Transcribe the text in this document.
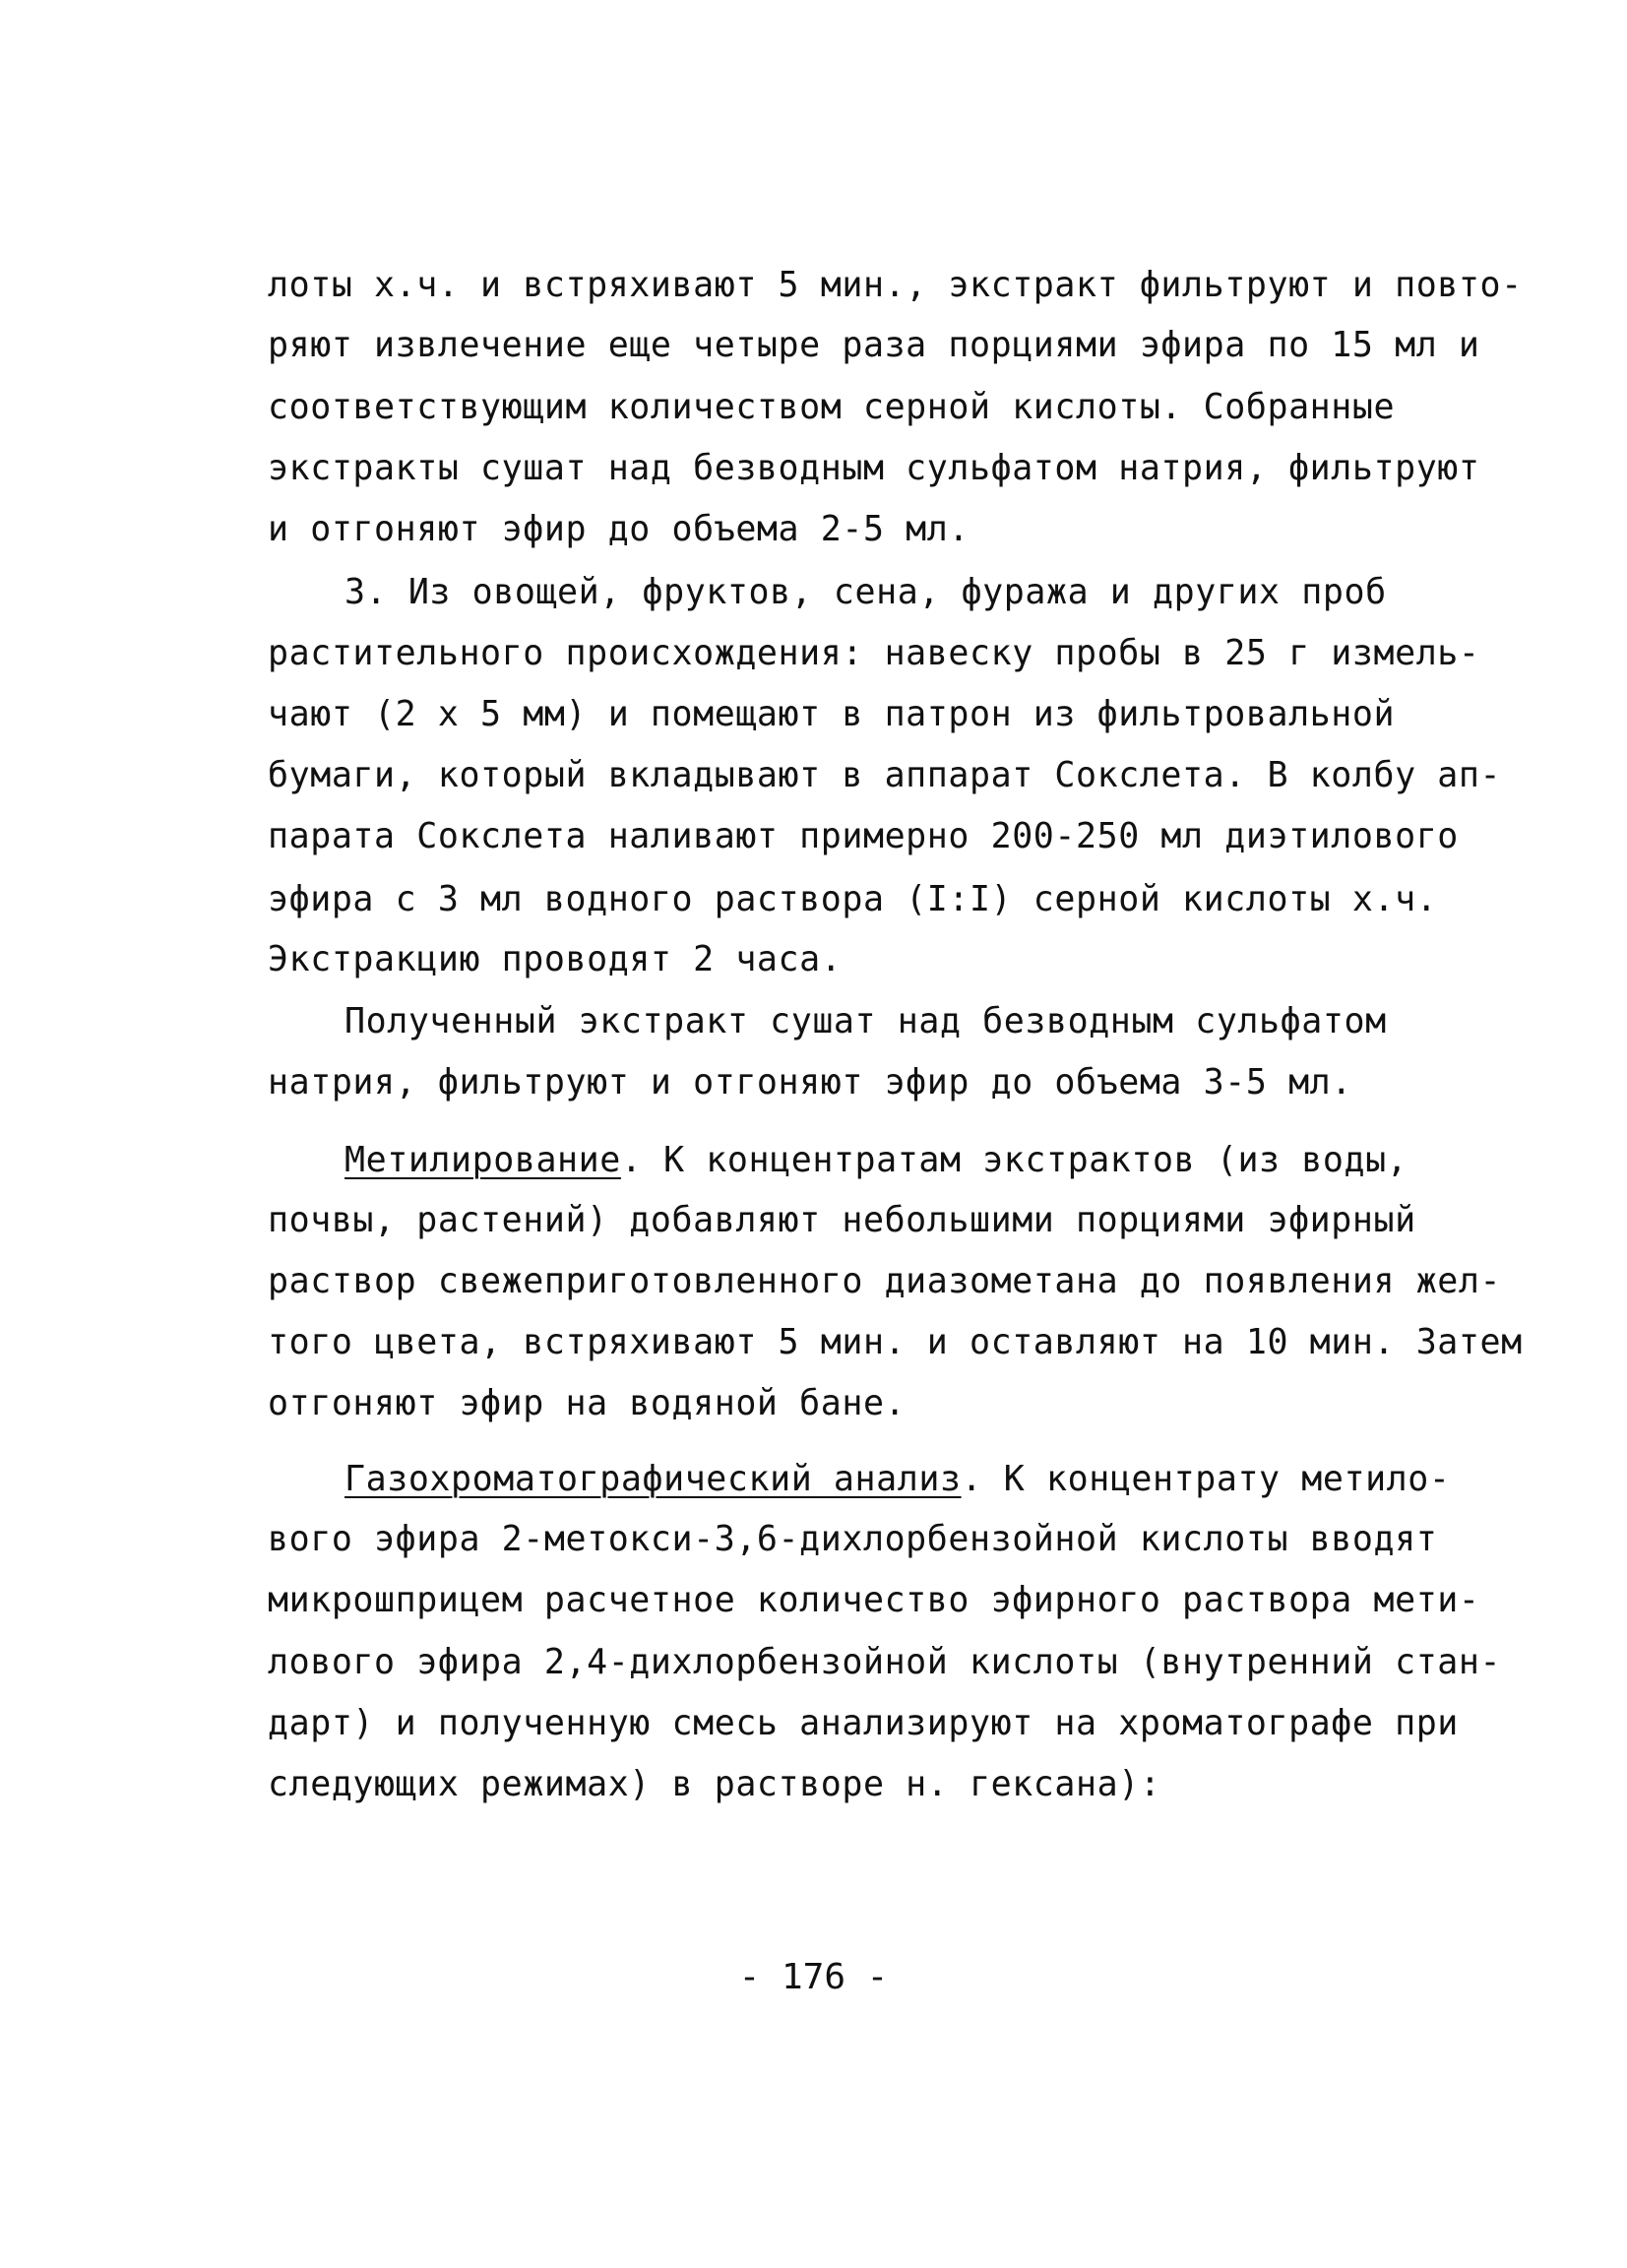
лоты х.ч. и встряхивают 5 мин., экстракт фильтруют и повто-
ряют извлечение еще четыре раза порциями эфира по 15 мл и
соответствующим количеством серной кислоты. Собранные
экстракты сушат над безводным сульфатом натрия, фильтруют
и отгоняют эфир до объема 2-5 мл.
3. Из овощей, фруктов, сена, фуража и других проб
растительного происхождения: навеску пробы в 25 г измель-
чают (2 х 5 мм) и помещают в патрон из фильтровальной
бумаги, который вкладывают в аппарат Сокслета. В колбу ап-
парата Сокслета наливают примерно 200-250 мл диэтилового
эфира с 3 мл водного раствора (I:I) серной кислоты х.ч.
Экстракцию проводят 2 часа.
Полученный экстракт сушат над безводным сульфатом
натрия, фильтруют и отгоняют эфир до объема 3-5 мл.
Метилирование. К концентратам экстрактов (из воды,
почвы, растений) добавляют небольшими порциями эфирный
раствор свежеприготовленного диазометана до появления жел-
того цвета, встряхивают 5 мин. и оставляют на 10 мин. Затем
отгоняют эфир на водяной бане.
Газохроматографический анализ. К концентрату метило-
вого эфира 2-метокси-3,6-дихлорбензойной кислоты вводят
микрошприцем расчетное количество эфирного раствора мети-
лового эфира 2,4-дихлорбензойной кислоты (внутренний стан-
дарт) и полученную смесь анализируют на хроматографе при
следующих режимах) в растворе н. гексана):
- 176 -
